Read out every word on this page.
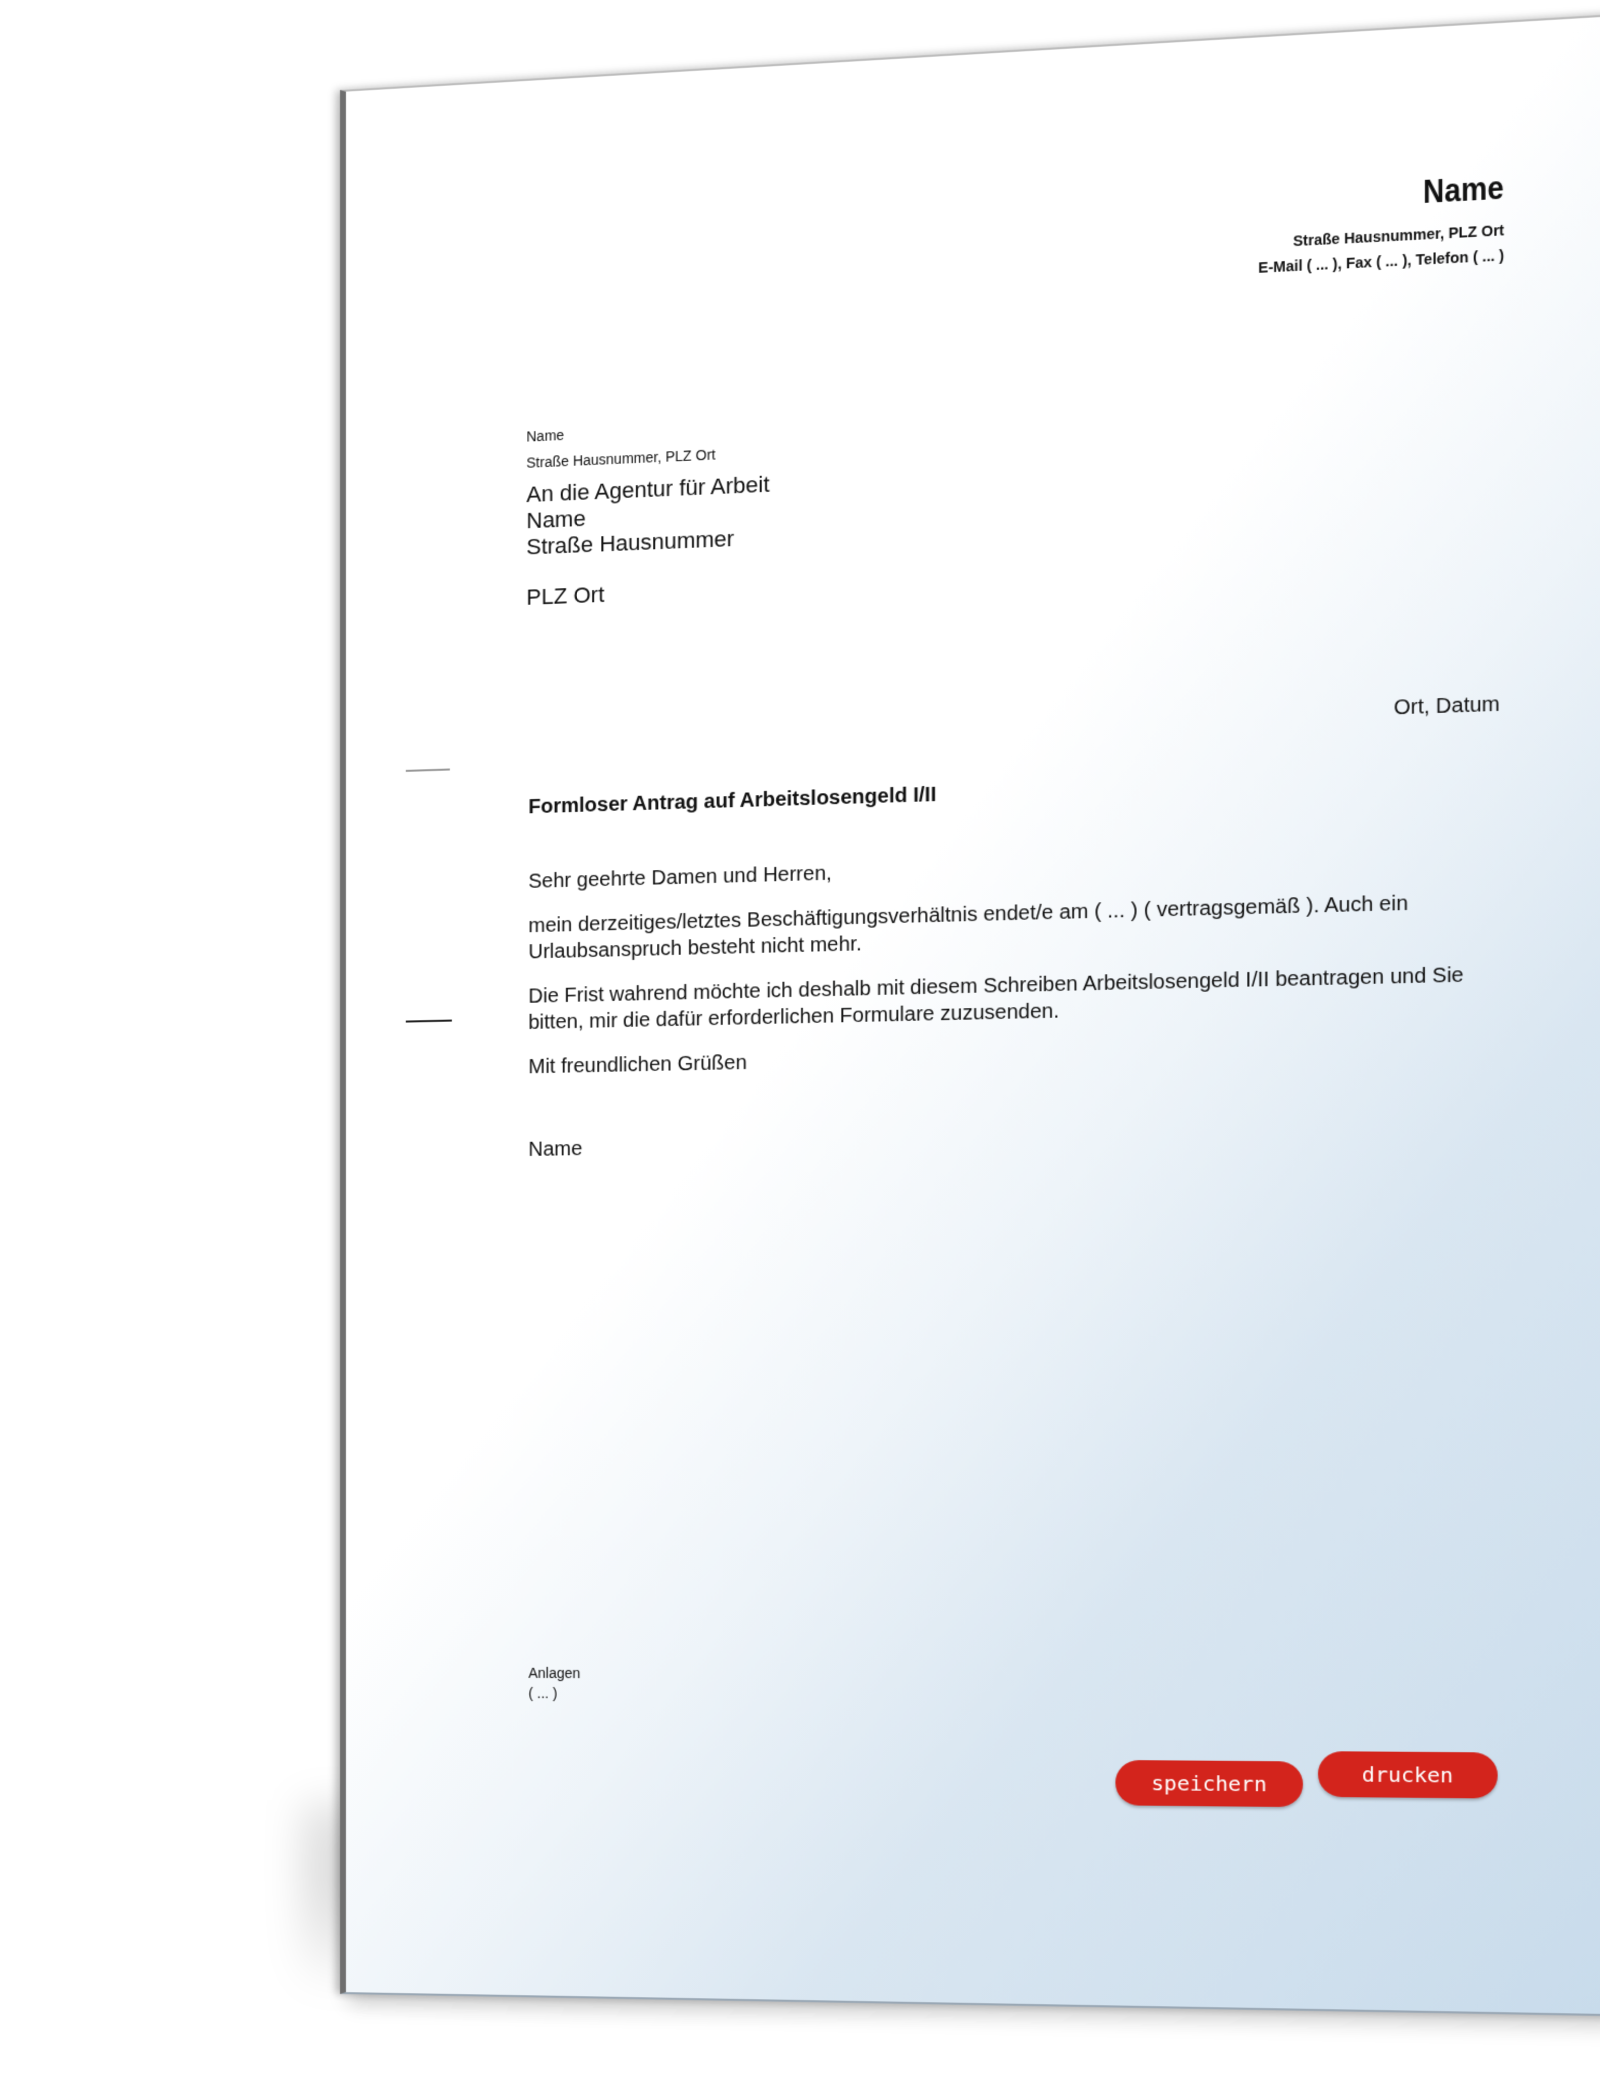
Name
Straße Hausnummer, PLZ Ort
E-Mail ( ... ), Fax ( ... ), Telefon ( ... )
Name
Straße Hausnummer, PLZ Ort
An die Agentur für Arbeit
Name
Straße Hausnummer
PLZ Ort
Ort, Datum
Formloser Antrag auf Arbeitslosengeld I/II

Sehr geehrte Damen und Herren,

mein derzeitiges/letztes Beschäftigungsverhältnis endet/e am ( ... ) ( vertragsgemäß ). Auch ein Urlaubsanspruch besteht nicht mehr.

Die Frist wahrend möchte ich deshalb mit diesem Schreiben Arbeitslosengeld I/II beantragen und Sie bitten, mir die dafür erforderlichen Formulare zuzusenden.

Mit freundlichen Grüßen

Name
Anlagen
( ... )
speichern	drucken
